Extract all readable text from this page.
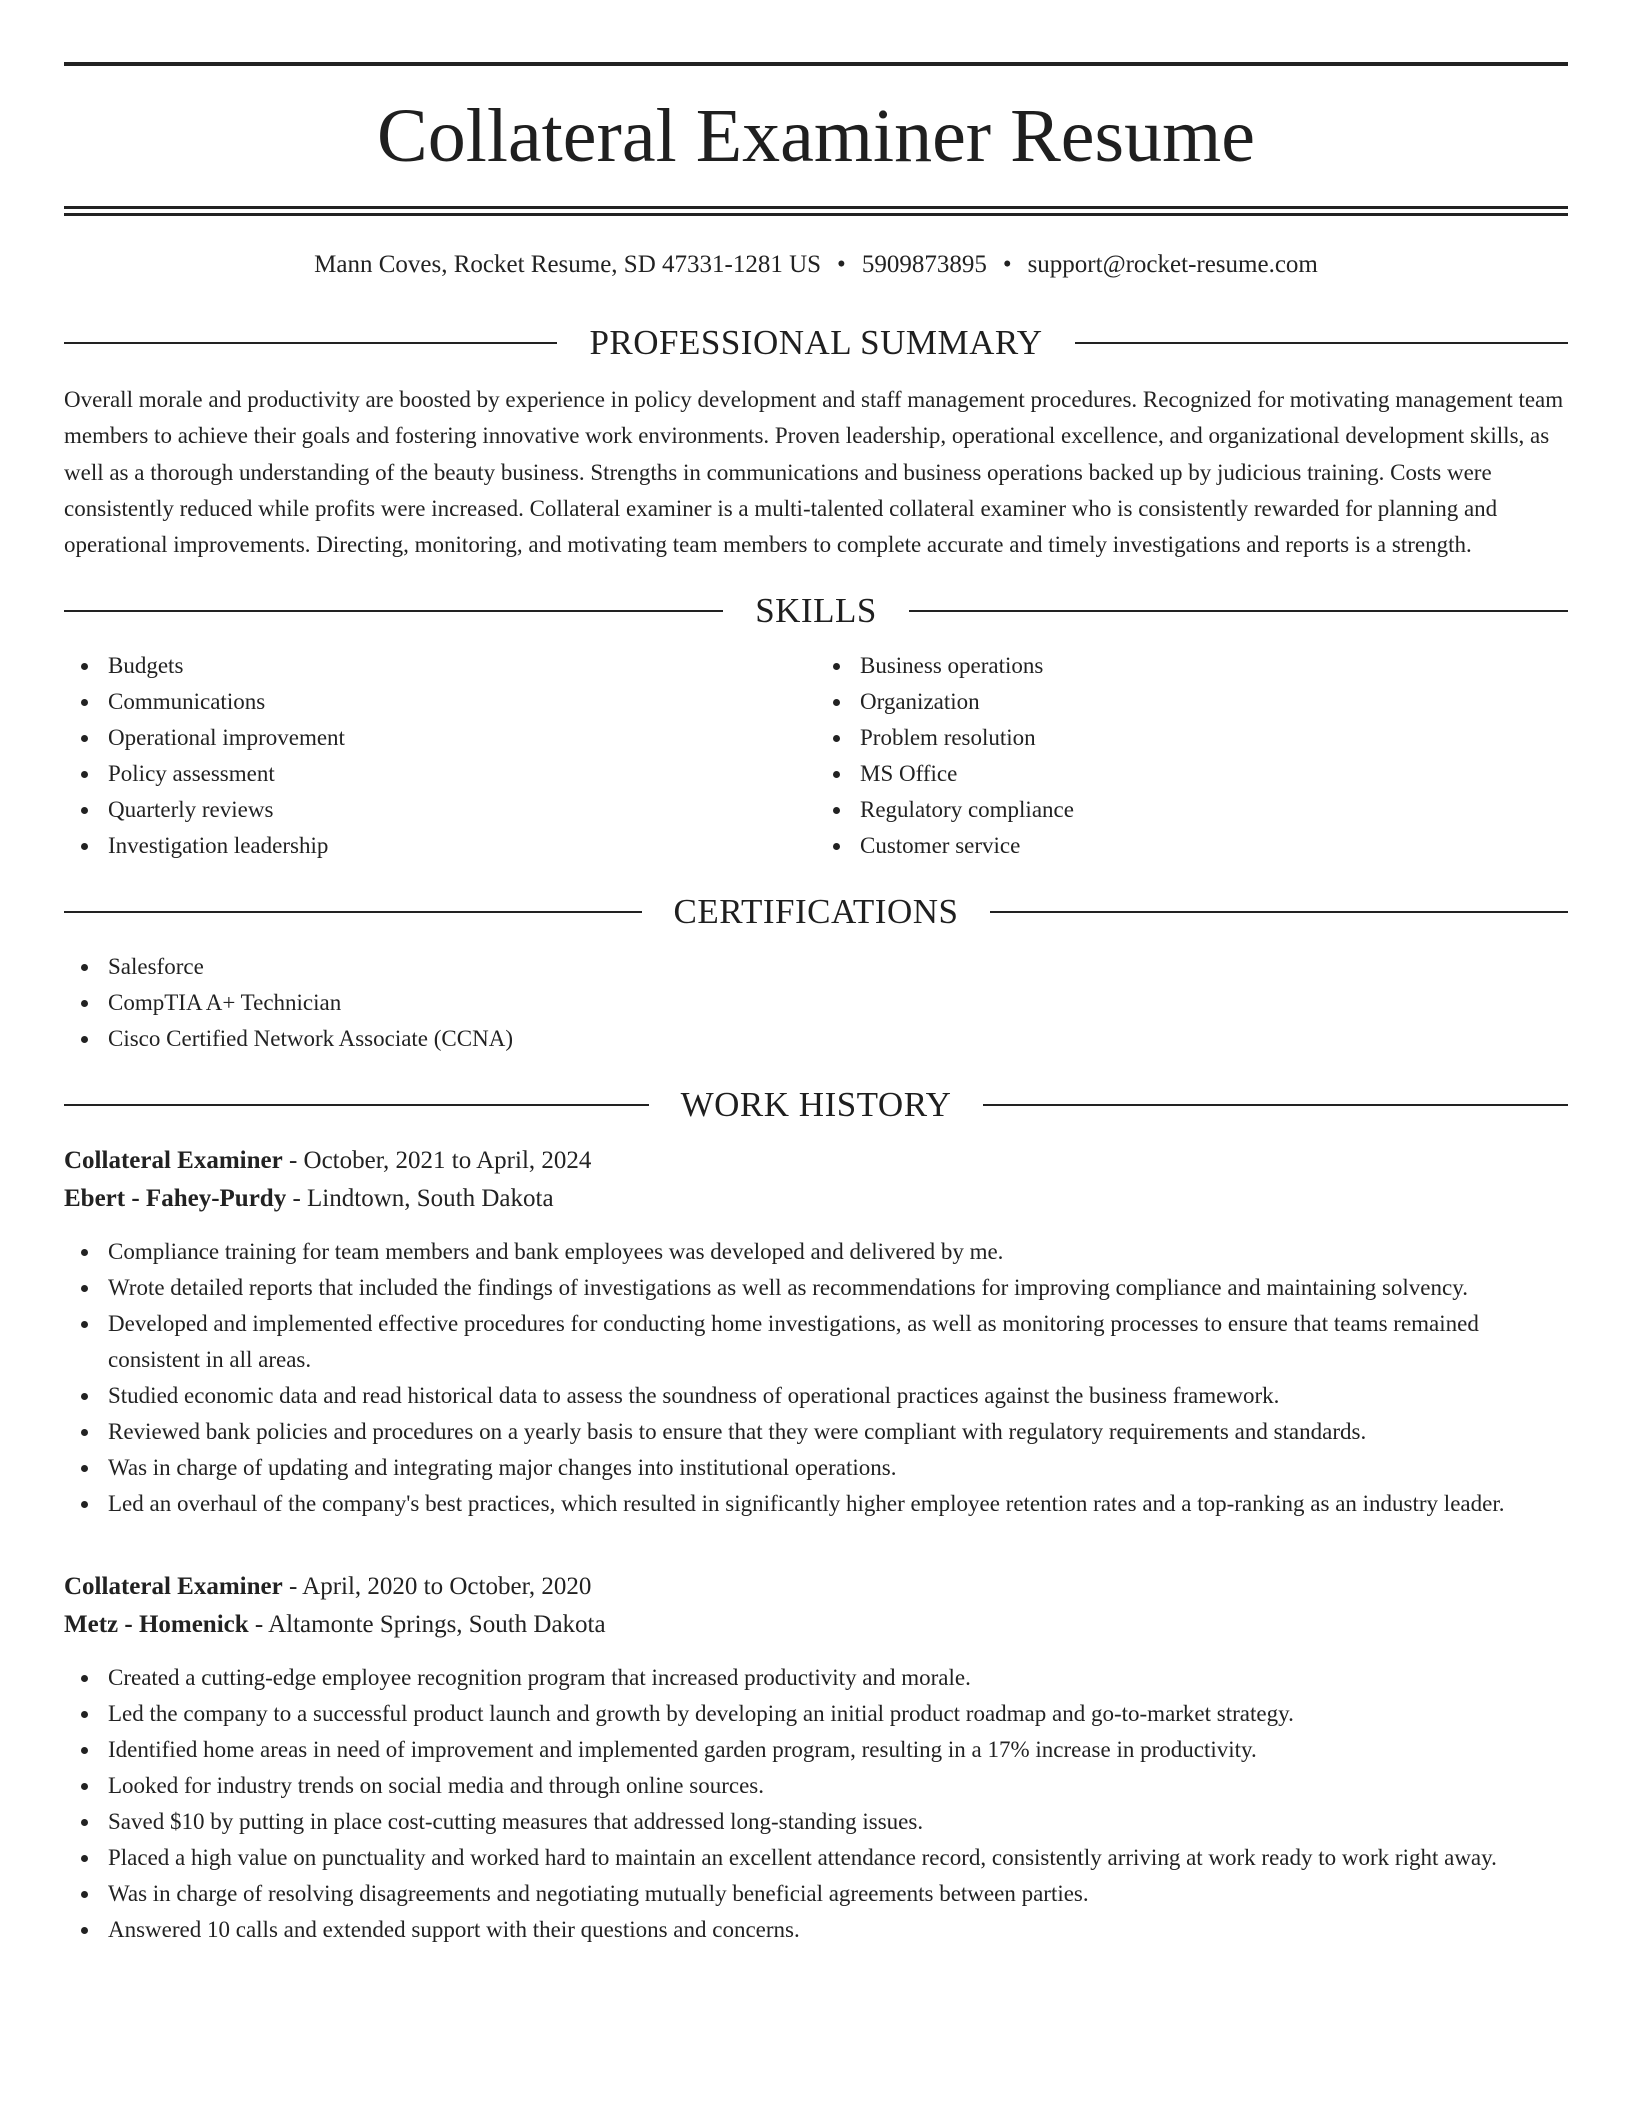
Collateral Examiner Resume
Mann Coves, Rocket Resume, SD 47331-1281 US • 5909873895 • support@rocket-resume.com
PROFESSIONAL SUMMARY

Overall morale and productivity are boosted by experience in policy development and staff management procedures. Recognized for motivating management team members to achieve their goals and fostering innovative work environments. Proven leadership, operational excellence, and organizational development skills, as well as a thorough understanding of the beauty business. Strengths in communications and business operations backed up by judicious training. Costs were consistently reduced while profits were increased. Collateral examiner is a multi-talented collateral examiner who is consistently rewarded for planning and operational improvements. Directing, monitoring, and motivating team members to complete accurate and timely investigations and reports is a strength.

SKILLS
Budgets
Communications
Operational improvement
Policy assessment
Quarterly reviews
Investigation leadership
Business operations
Organization
Problem resolution
MS Office
Regulatory compliance
Customer service
CERTIFICATIONS
Salesforce
CompTIA A+ Technician
Cisco Certified Network Associate (CCNA)
WORK HISTORY
Collateral Examiner - October, 2021 to April, 2024
Ebert - Fahey-Purdy - Lindtown, South Dakota
Compliance training for team members and bank employees was developed and delivered by me.
Wrote detailed reports that included the findings of investigations as well as recommendations for improving compliance and maintaining solvency.
Developed and implemented effective procedures for conducting home investigations, as well as monitoring processes to ensure that teams remained consistent in all areas.
Studied economic data and read historical data to assess the soundness of operational practices against the business framework.
Reviewed bank policies and procedures on a yearly basis to ensure that they were compliant with regulatory requirements and standards.
Was in charge of updating and integrating major changes into institutional operations.
Led an overhaul of the company's best practices, which resulted in significantly higher employee retention rates and a top-ranking as an industry leader.
Collateral Examiner - April, 2020 to October, 2020
Metz - Homenick - Altamonte Springs, South Dakota
Created a cutting-edge employee recognition program that increased productivity and morale.
Led the company to a successful product launch and growth by developing an initial product roadmap and go-to-market strategy.
Identified home areas in need of improvement and implemented garden program, resulting in a 17% increase in productivity.
Looked for industry trends on social media and through online sources.
Saved $10 by putting in place cost-cutting measures that addressed long-standing issues.
Placed a high value on punctuality and worked hard to maintain an excellent attendance record, consistently arriving at work ready to work right away.
Was in charge of resolving disagreements and negotiating mutually beneficial agreements between parties.
Answered 10 calls and extended support with their questions and concerns.
